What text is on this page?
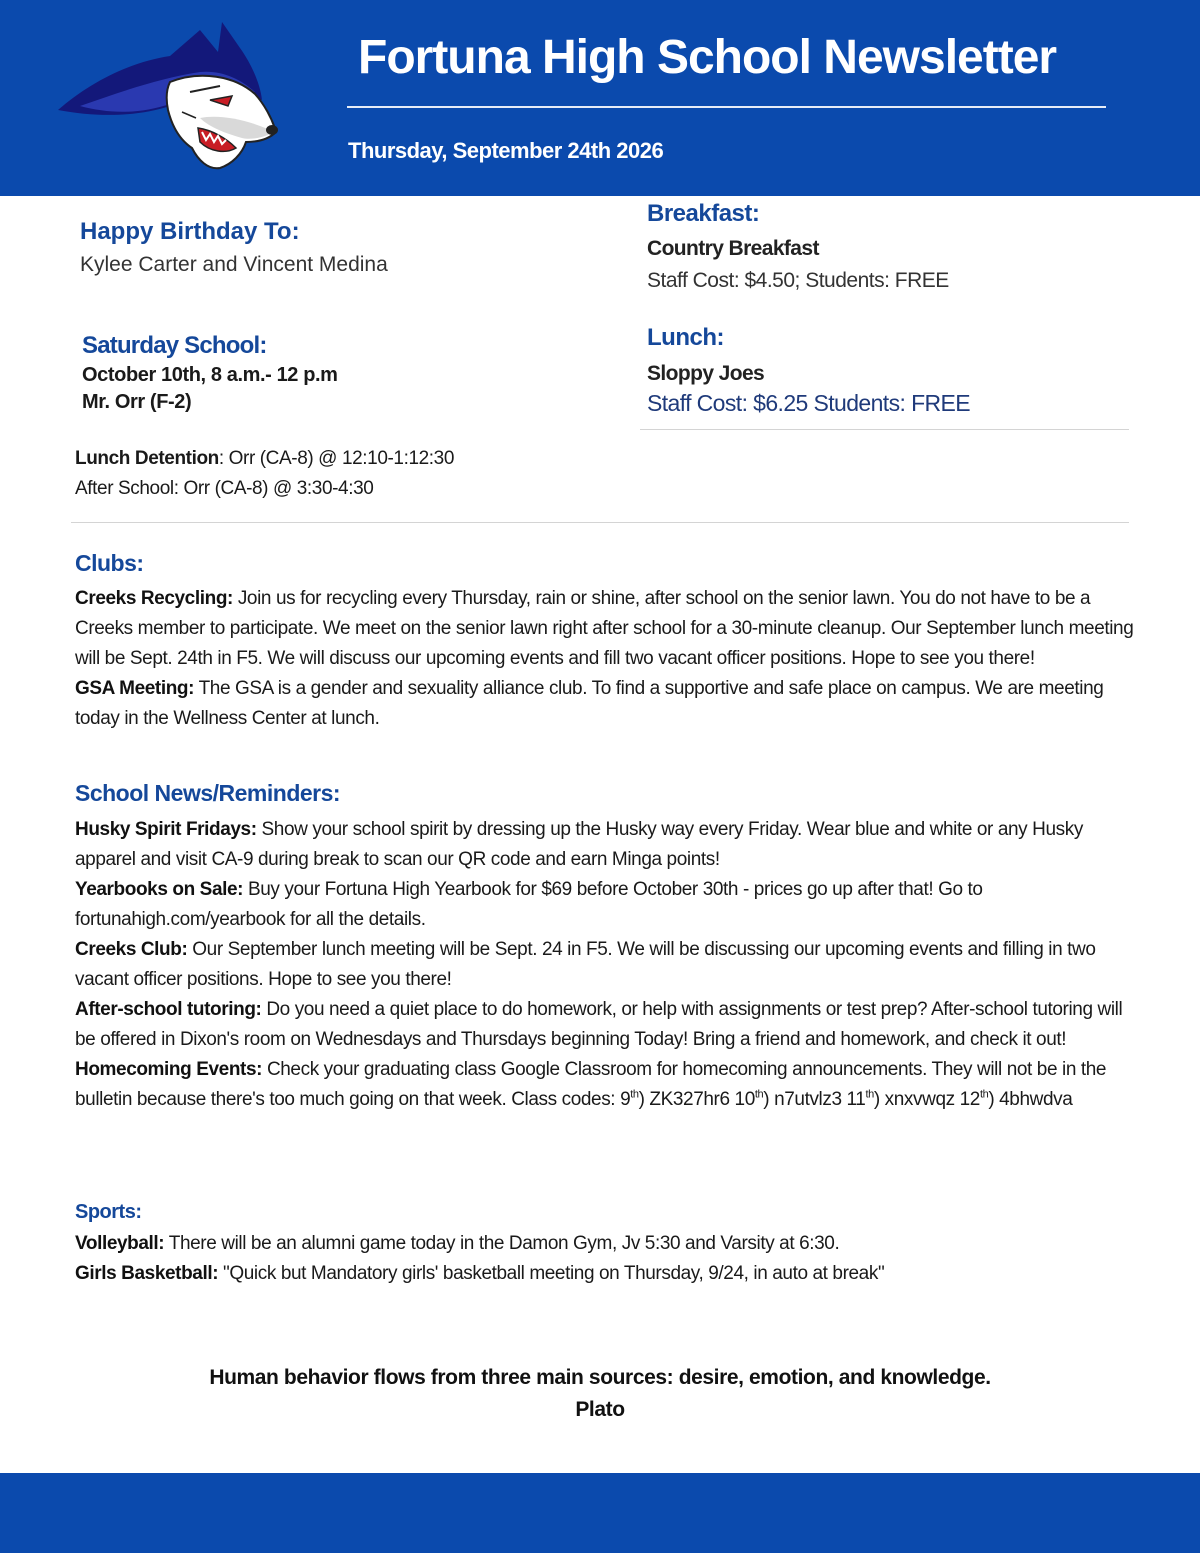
Fortuna High School Newsletter
Thursday, September 24th 2026
Happy Birthday To:
Kylee Carter and Vincent Medina
Saturday School:
October 10th, 8 a.m.- 12 p.m
Mr. Orr (F-2)
Breakfast:
Country Breakfast
Staff Cost: $4.50; Students: FREE
Lunch:
Sloppy Joes
Staff Cost: $6.25 Students: FREE
Lunch Detention: Orr (CA-8) @ 12:10-1:12:30
After School: Orr (CA-8) @ 3:30-4:30
Clubs:
Creeks Recycling: Join us for recycling every Thursday, rain or shine, after school on the senior lawn. You do not have to be a Creeks member to participate. We meet on the senior lawn right after school for a 30-minute cleanup. Our September lunch meeting will be Sept. 24th in F5. We will discuss our upcoming events and fill two vacant officer positions. Hope to see you there!
GSA Meeting: The GSA is a gender and sexuality alliance club. To find a supportive and safe place on campus. We are meeting today in the Wellness Center at lunch.
School News/Reminders:
Husky Spirit Fridays: Show your school spirit by dressing up the Husky way every Friday. Wear blue and white or any Husky apparel and visit CA-9 during break to scan our QR code and earn Minga points!
Yearbooks on Sale: Buy your Fortuna High Yearbook for $69 before October 30th - prices go up after that! Go to fortunahigh.com/yearbook for all the details.
Creeks Club: Our September lunch meeting will be Sept. 24 in F5. We will be discussing our upcoming events and filling in two vacant officer positions. Hope to see you there!
After-school tutoring: Do you need a quiet place to do homework, or help with assignments or test prep? After-school tutoring will be offered in Dixon's room on Wednesdays and Thursdays beginning Today! Bring a friend and homework, and check it out!
Homecoming Events: Check your graduating class Google Classroom for homecoming announcements. They will not be in the bulletin because there's too much going on that week. Class codes: 9th) ZK327hr6 10th) n7utvlz3 11th) xnxvwqz 12th) 4bhwdva
Sports:
Volleyball: There will be an alumni game today in the Damon Gym, Jv 5:30 and Varsity at 6:30.
Girls Basketball: "Quick but Mandatory girls' basketball meeting on Thursday, 9/24, in auto at break"
Human behavior flows from three main sources: desire, emotion, and knowledge.
Plato
